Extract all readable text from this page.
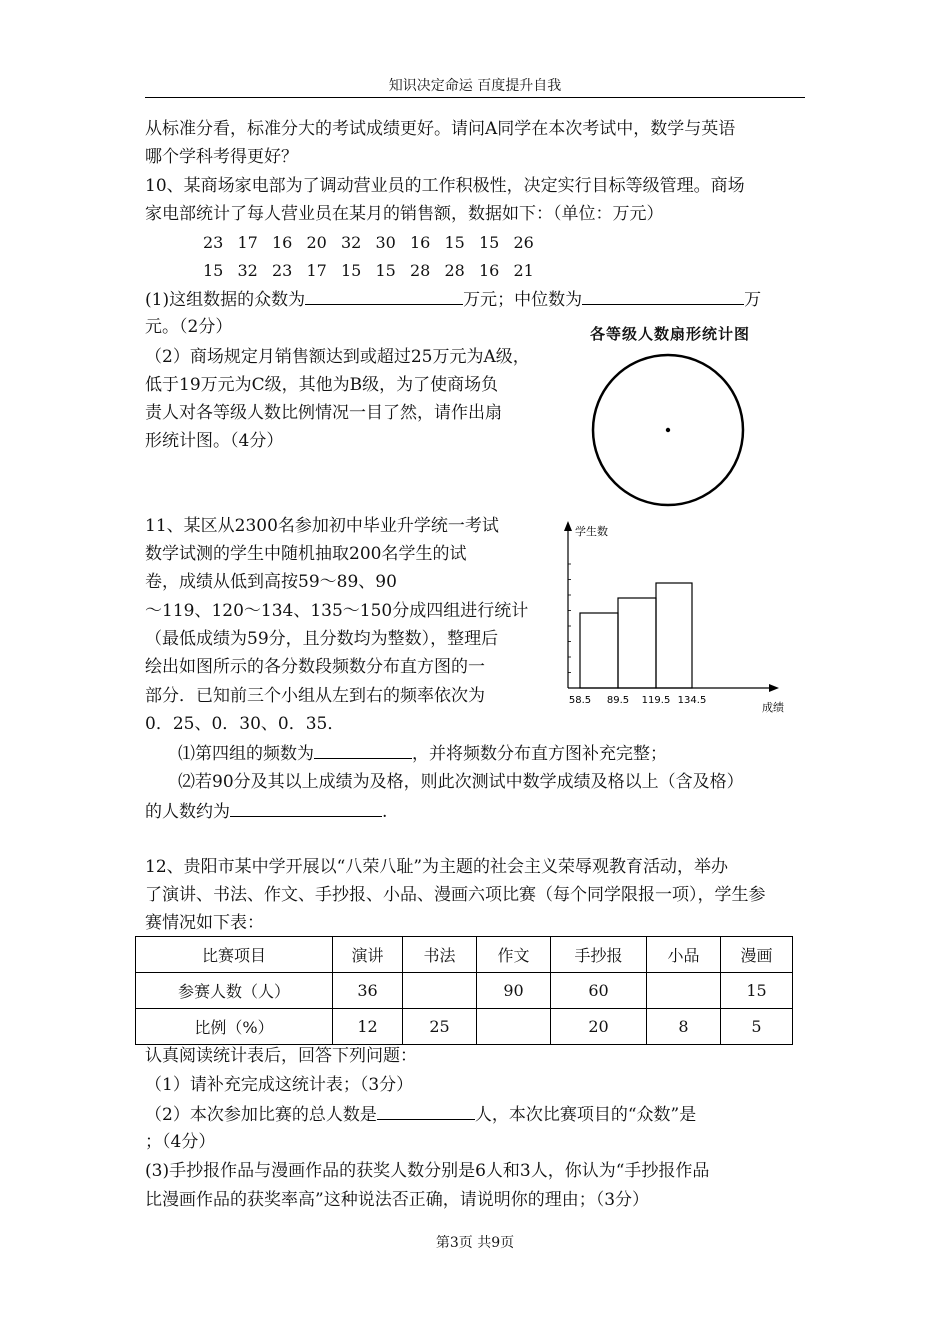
知识决定命运 百度提升自我
从标准分看，标准分大的考试成绩更好。请问A同学在本次考试中，数学与英语
哪个学科考得更好？
10、某商场家电部为了调动营业员的工作积极性，决定实行目标等级管理。商场
家电部统计了每人营业员在某月的销售额，数据如下：（单位：万元）
23 17 16 20 32 30 16 15 15 26
15 32 23 17 15 15 28 28 16 21
(1)这组数据的众数为	万元；中位数为	万
元。（2分）
（2）商场规定月销售额达到或超过25万元为A级，
低于19万元为C级，其他为B级，为了使商场负
责人对各等级人数比例情况一目了然，请作出扇
形统计图。（4分）
各等级人数扇形统计图
11、某区从2300名参加初中毕业升学统一考试
数学试测的学生中随机抽取200名学生的试
卷，成绩从低到高按59～89、90
～119、120～134、135～150分成四组进行统计
（最低成绩为59分，且分数均为整数），整理后
绘出如图所示的各分数段频数分布直方图的一
部分．已知前三个小组从左到右的频率依次为
0．25、0．30、0．35．
学生数
成绩
58.5 89.5 119.5 134.5
⑴第四组的频数为	，并将频数分布直方图补充完整；
⑵若90分及其以上成绩为及格，则此次测试中数学成绩及格以上（含及格）
的人数约为	.
12、贵阳市某中学开展以“八荣八耻”为主题的社会主义荣辱观教育活动，举办
了演讲、书法、作文、手抄报、小品、漫画六项比赛（每个同学限报一项），学生参
赛情况如下表：
比赛项目	演讲	书法	作文	手抄报	小品	漫画
参赛人数（人）	36		90	60		15
比例（%）	12	25		20	8	5
认真阅读统计表后，回答下列问题：
（1）请补充完成这统计表；（3分）
（2）本次参加比赛的总人数是	人，本次比赛项目的“众数”是
；（4分）
(3)手抄报作品与漫画作品的获奖人数分别是6人和3人，你认为“手抄报作品
比漫画作品的获奖率高”这种说法否正确，请说明你的理由；（3分）
第3页 共9页
